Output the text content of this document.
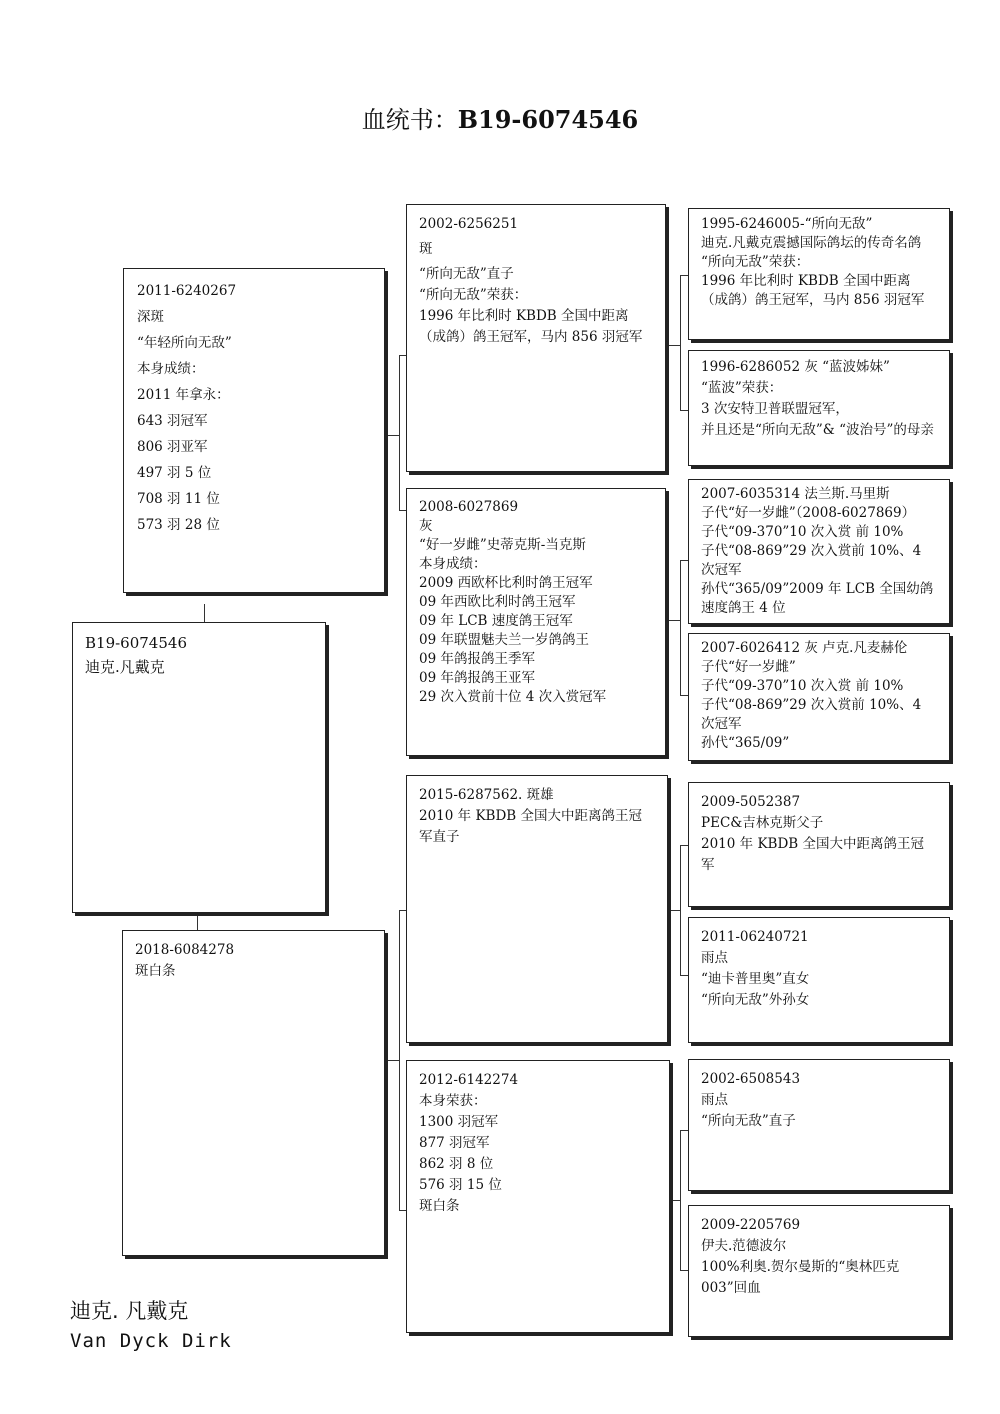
血统书：B19-6074546

B19-6074546

迪克.凡戴克

2011-6240267

深斑

“年轻所向无敌”

本身成绩：

2011 年拿永：

643 羽冠军

806 羽亚军

497 羽 5 位

708 羽 11 位

573 羽 28 位

2018-6084278

斑白条

2002-6256251

斑

“所向无敌”直子

“所向无敌”荣获：

1996 年比利时 KBDB 全国中距离（成鸽）鸽王冠军，马内 856 羽冠军

2008-6027869

灰

“好一岁雌”史蒂克斯-当克斯

本身成绩：

2009 西欧杯比利时鸽王冠军

09 年西欧比利时鸽王冠军

09 年 LCB 速度鸽王冠军

09 年联盟魅夫兰一岁鸽鸽王

09 年鸽报鸽王季军

09 年鸽报鸽王亚军

29 次入赏前十位 4 次入赏冠军

2015-6287562. 斑雄

2010 年 KBDB 全国大中距离鸽王冠军直子

2012-6142274

本身荣获：

1300 羽冠军

877 羽冠军

862 羽 8 位

576 羽 15 位

斑白条

1995-6246005-“所向无敌”

迪克.凡戴克震撼国际鸽坛的传奇名鸽

“所向无敌”荣获：

1996 年比利时 KBDB 全国中距离（成鸽）鸽王冠军，马内 856 羽冠军

1996-6286052 灰 “蓝波姊妹”

“蓝波”荣获：

3 次安特卫普联盟冠军，

并且还是“所向无敌”& “波治号”的母亲

2007-6035314 法兰斯.马里斯

子代“好一岁雌”（2008-6027869）

子代“09-370”10 次入赏 前 10%

子代“08-869”29 次入赏前 10%、4 次冠军

孙代“365/09”2009 年 LCB 全国幼鸽速度鸽王 4 位

2007-6026412 灰 卢克.凡麦赫伦

子代“好一岁雌”

子代“09-370”10 次入赏 前 10%

子代“08-869”29 次入赏前 10%、4 次冠军

孙代“365/09”

2009-5052387

PEC&吉林克斯父子

2010 年 KBDB 全国大中距离鸽王冠军

2011-06240721

雨点

“迪卡普里奥”直女

“所向无敌”外孙女

2002-6508543

雨点

“所向无敌”直子

2009-2205769

伊夫.范德波尔

100%利奥.贺尔曼斯的“奥林匹克 003”回血

迪克. 凡戴克
Van Dyck Dirk
